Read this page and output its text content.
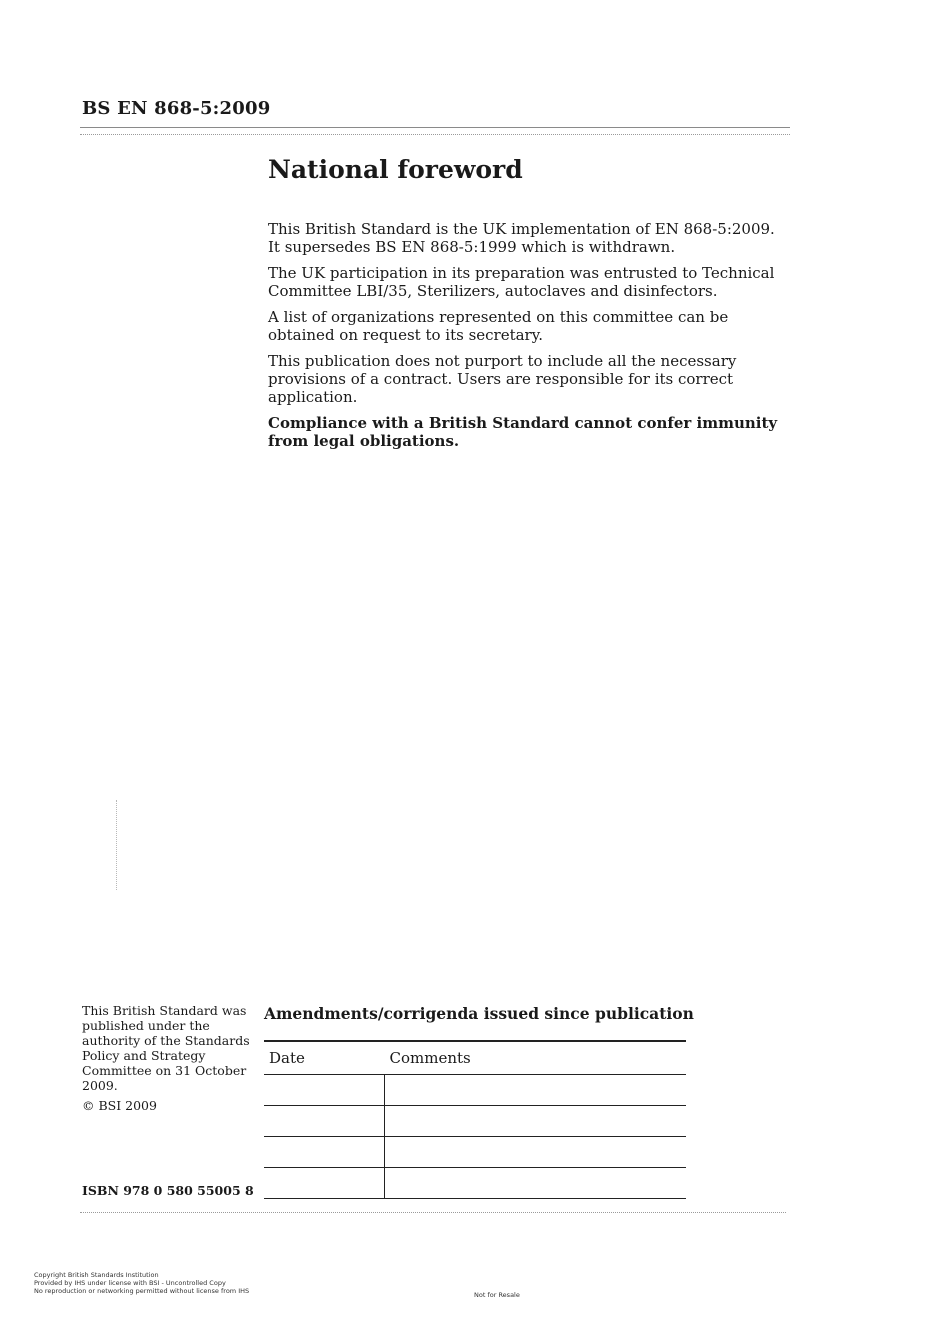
BS EN 868-5:2009
National foreword

This British Standard is the UK implementation of EN 868-5:2009. It supersedes BS EN 868-5:1999 which is withdrawn.

The UK participation in its preparation was entrusted to Technical Committee LBI/35, Sterilizers, autoclaves and disinfectors.

A list of organizations represented on this committee can be obtained on request to its secretary.

This publication does not purport to include all the necessary provisions of a contract. Users are responsible for its correct application.

Compliance with a British Standard cannot confer immunity from legal obligations.

This British Standard was published under the authority of the Standards Policy and Strategy Committee on 31 October 2009.
© BSI 2009
ISBN 978 0 580 55005 8
Amendments/corrigenda issued since publication
Date	Comments

Copyright British Standards Institution
Provided by IHS under license with BSI - Uncontrolled Copy
No reproduction or networking permitted without license from IHS	Not for Resale
